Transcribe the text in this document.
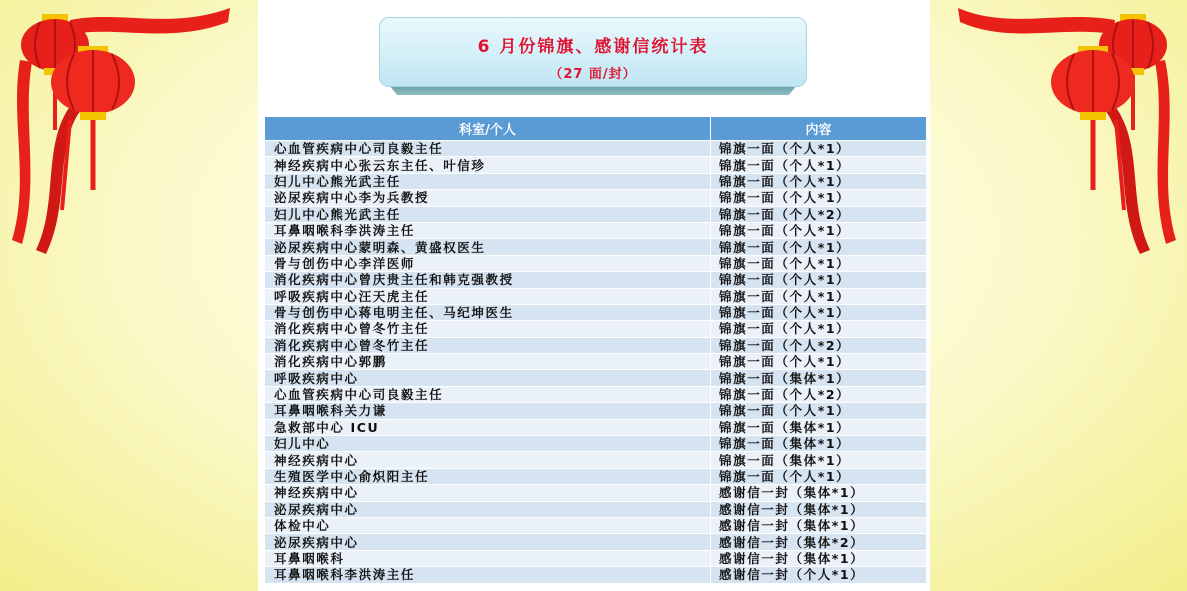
6 月份锦旗、感谢信统计表
（27 面/封）
科室/个人	内容
心血管疾病中心司良毅主任	锦旗一面（个人*1）
神经疾病中心张云东主任、叶信珍	锦旗一面（个人*1）
妇儿中心熊光武主任	锦旗一面（个人*1）
泌尿疾病中心李为兵教授	锦旗一面（个人*1）
妇儿中心熊光武主任	锦旗一面（个人*2）
耳鼻咽喉科李洪涛主任	锦旗一面（个人*1）
泌尿疾病中心蒙明森、黄盛权医生	锦旗一面（个人*1）
骨与创伤中心李洋医师	锦旗一面（个人*1）
消化疾病中心曾庆贵主任和韩克强教授	锦旗一面（个人*1）
呼吸疾病中心汪天虎主任	锦旗一面（个人*1）
骨与创伤中心蒋电明主任、马纪坤医生	锦旗一面（个人*1）
消化疾病中心曾冬竹主任	锦旗一面（个人*1）
消化疾病中心曾冬竹主任	锦旗一面（个人*2）
消化疾病中心郭鹏	锦旗一面（个人*1）
呼吸疾病中心	锦旗一面（集体*1）
心血管疾病中心司良毅主任	锦旗一面（个人*2）
耳鼻咽喉科关力谦	锦旗一面（个人*1）
急救部中心 ICU	锦旗一面（集体*1）
妇儿中心	锦旗一面（集体*1）
神经疾病中心	锦旗一面（集体*1）
生殖医学中心俞炽阳主任	锦旗一面（个人*1）
神经疾病中心	感谢信一封（集体*1）
泌尿疾病中心	感谢信一封（集体*1）
体检中心	感谢信一封（集体*1）
泌尿疾病中心	感谢信一封（集体*2）
耳鼻咽喉科	感谢信一封（集体*1）
耳鼻咽喉科李洪涛主任	感谢信一封（个人*1）
